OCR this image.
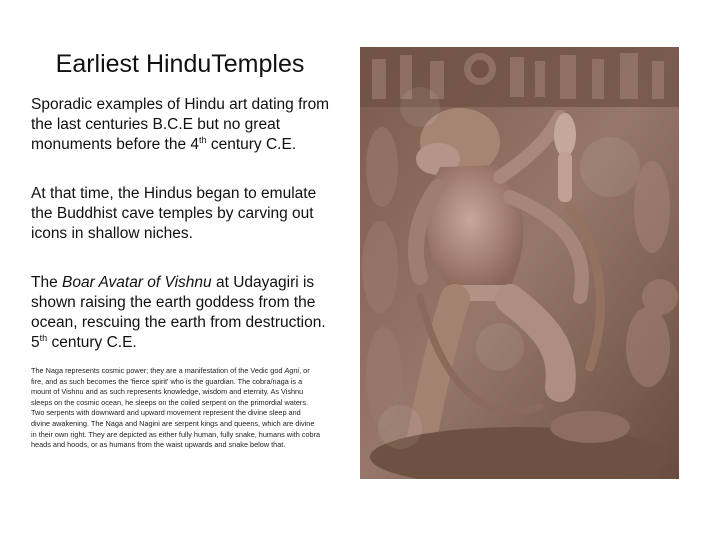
Earliest HinduTemples

Sporadic examples of Hindu art dating from the last centuries B.C.E but no great monuments before the 4th century C.E.

At that time, the Hindus began to emulate the Buddhist cave temples by carving out icons in shallow niches.

The Boar Avatar of Vishnu at Udayagiri is shown raising the earth goddess from the ocean, rescuing the earth from destruction. 5th century C.E.

The Naga represents cosmic power; they are a manifestation of the Vedic god Agni, or fire, and as such becomes the 'fierce spirit' who is the guardian. The cobra/naga is a mount of Vishnu and as such represents knowledge, wisdom and eternity. As Vishnu sleeps on the cosmic ocean, he sleeps on the coiled serpent on the primordial waters. Two serpents with downward and upward movement represent the divine sleep and divine awakening. The Naga and Nagini are serpent kings and queens, which are divine in their own right. They are depicted as either fully human, fully snake, humans with cobra heads and hoods, or as humans from the waist upwards and snake below that.
